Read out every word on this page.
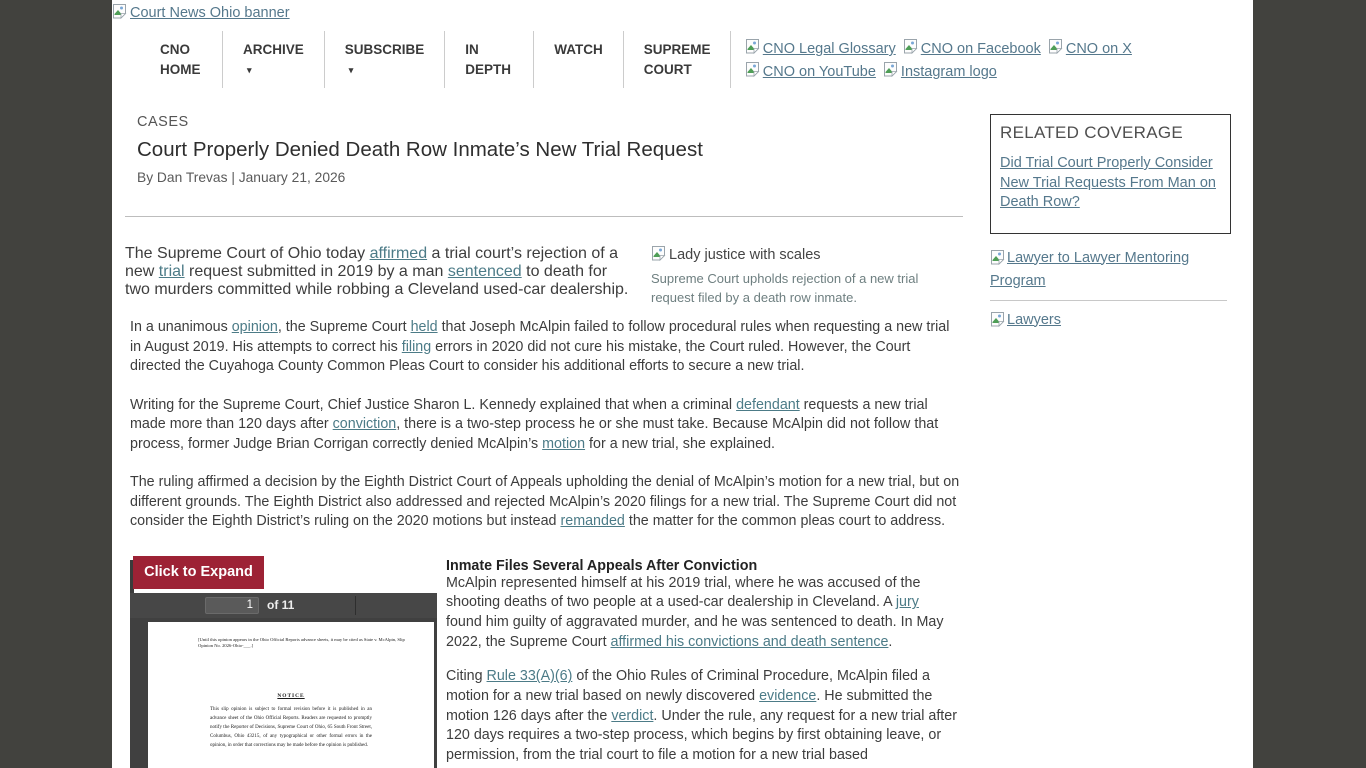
Court News Ohio banner
CNO HOME
ARCHIVE▾
SUBSCRIBE▾
IN DEPTH
WATCH	SUPREME COURT
CNO Legal Glossary CNO on Facebook CNO on X
CNO on YouTube Instagram logo
CASES
Court Properly Denied Death Row Inmate’s New Trial Request
By Dan Trevas | January 21, 2026

Lady justice with scales
Supreme Court upholds rejection of a new trial request filed by a death row inmate.
The Supreme Court of Ohio today affirmed a trial court’s rejection of a new trial request submitted in 2019 by a man sentenced to death for two murders committed while robbing a Cleveland used-car dealership.

In a unanimous opinion, the Supreme Court held that Joseph McAlpin failed to follow procedural rules when requesting a new trial in August 2019. His attempts to correct his filing errors in 2020 did not cure his mistake, the Court ruled. However, the Court directed the Cuyahoga County Common Pleas Court to consider his additional efforts to secure a new trial.

Writing for the Supreme Court, Chief Justice Sharon L. Kennedy explained that when a criminal defendant requests a new trial made more than 120 days after conviction, there is a two-step process he or she must take. Because McAlpin did not follow that process, former Judge Brian Corrigan correctly denied McAlpin’s motion for a new trial, she explained.

The ruling affirmed a decision by the Eighth District Court of Appeals upholding the denial of McAlpin’s motion for a new trial, but on different grounds. The Eighth District also addressed and rejected McAlpin’s 2020 filings for a new trial. The Supreme Court did not consider the Eighth District’s ruling on the 2020 motions but instead remanded the matter for the common pleas court to address.

Click to Expand
1
of 11
[Until this opinion appears in the Ohio Official Reports advance sheets, it may be cited as State v. McAlpin, Slip Opinion No. 2026-Ohio-___.]
NOTICE
This slip opinion is subject to formal revision before it is published in an advance sheet of the Ohio Official Reports. Readers are requested to promptly notify the Reporter of Decisions, Supreme Court of Ohio, 65 South Front Street, Columbus, Ohio 43215, of any typographical or other formal errors in the opinion, in order that corrections may be made before the opinion is published.
Inmate Files Several Appeals After Conviction

McAlpin represented himself at his 2019 trial, where he was accused of the shooting deaths of two people at a used-car dealership in Cleveland. A jury found him guilty of aggravated murder, and he was sentenced to death. In May 2022, the Supreme Court affirmed his convictions and death sentence.

Citing Rule 33(A)(6) of the Ohio Rules of Criminal Procedure, McAlpin filed a motion for a new trial based on newly discovered evidence. He submitted the motion 126 days after the verdict. Under the rule, any request for a new trial after 120 days requires a two-step process, which begins by first obtaining leave, or permission, from the trial court to file a motion for a new trial based

RELATED COVERAGE
Did Trial Court Properly Consider New Trial Requests From Man on Death Row?
Lawyer to Lawyer Mentoring Program
Lawyers
